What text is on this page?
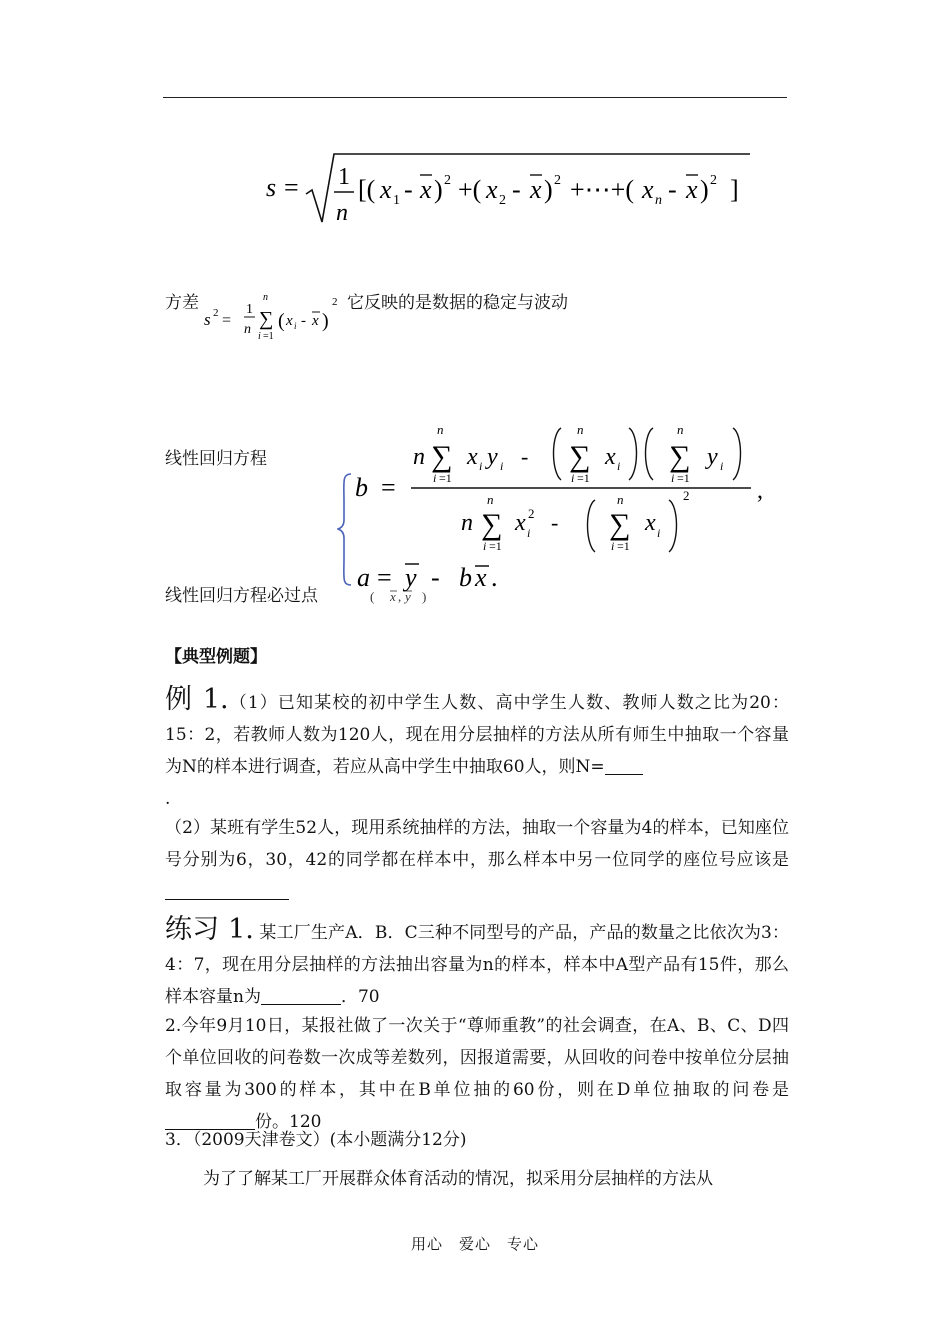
s = 1
n
[( x 1 - x ) 2 +( x 2 - x ) 2 +⋯+( x n - x ) 2 ]
方差
s 2 =
1
n
n
∑
i =1
( x i - x )
2 它反映的是数据的稳定与波动
线性回归方程
b =
n
n
∑
i =1
x i y i -
n
∑
i =1
x i
n
∑
i =1
y i
,
n
n
∑
i =1
x 2
i -
n
∑
i =1
x i
2
a = y - b x .
线性回归方程必过点	( x , y )
【典型例题】
例 1.（1）已知某校的初中学生人数、高中学生人数、教师人数之比为20：15：2，若教师人数为120人，现在用分层抽样的方法从所有师生中抽取一个容量为N的样本进行调查，若应从高中学生中抽取60人，则N=
.
（2）某班有学生52人，现用系统抽样的方法，抽取一个容量为4的样本，已知座位号分别为6，30，42的同学都在样本中，那么样本中另一位同学的座位号应该是
练习 1. 某工厂生产A．B．C三种不同型号的产品，产品的数量之比依次为3：4：7，现在用分层抽样的方法抽出容量为n的样本，样本中A型产品有15件，那么样本容量n为	．70
2.今年9月10日，某报社做了一次关于“尊师重教”的社会调查，在A、B、C、D四个单位回收的问卷数一次成等差数列，因报道需要，从回收的问卷中按单位分层抽取容量为300的样本，其中在B单位抽的60份，则在D单位抽取的问卷是份。120
3．（2009天津卷文）(本小题满分12分)
为了了解某工厂开展群众体育活动的情况，拟采用分层抽样的方法从
用心　爱心　专心
